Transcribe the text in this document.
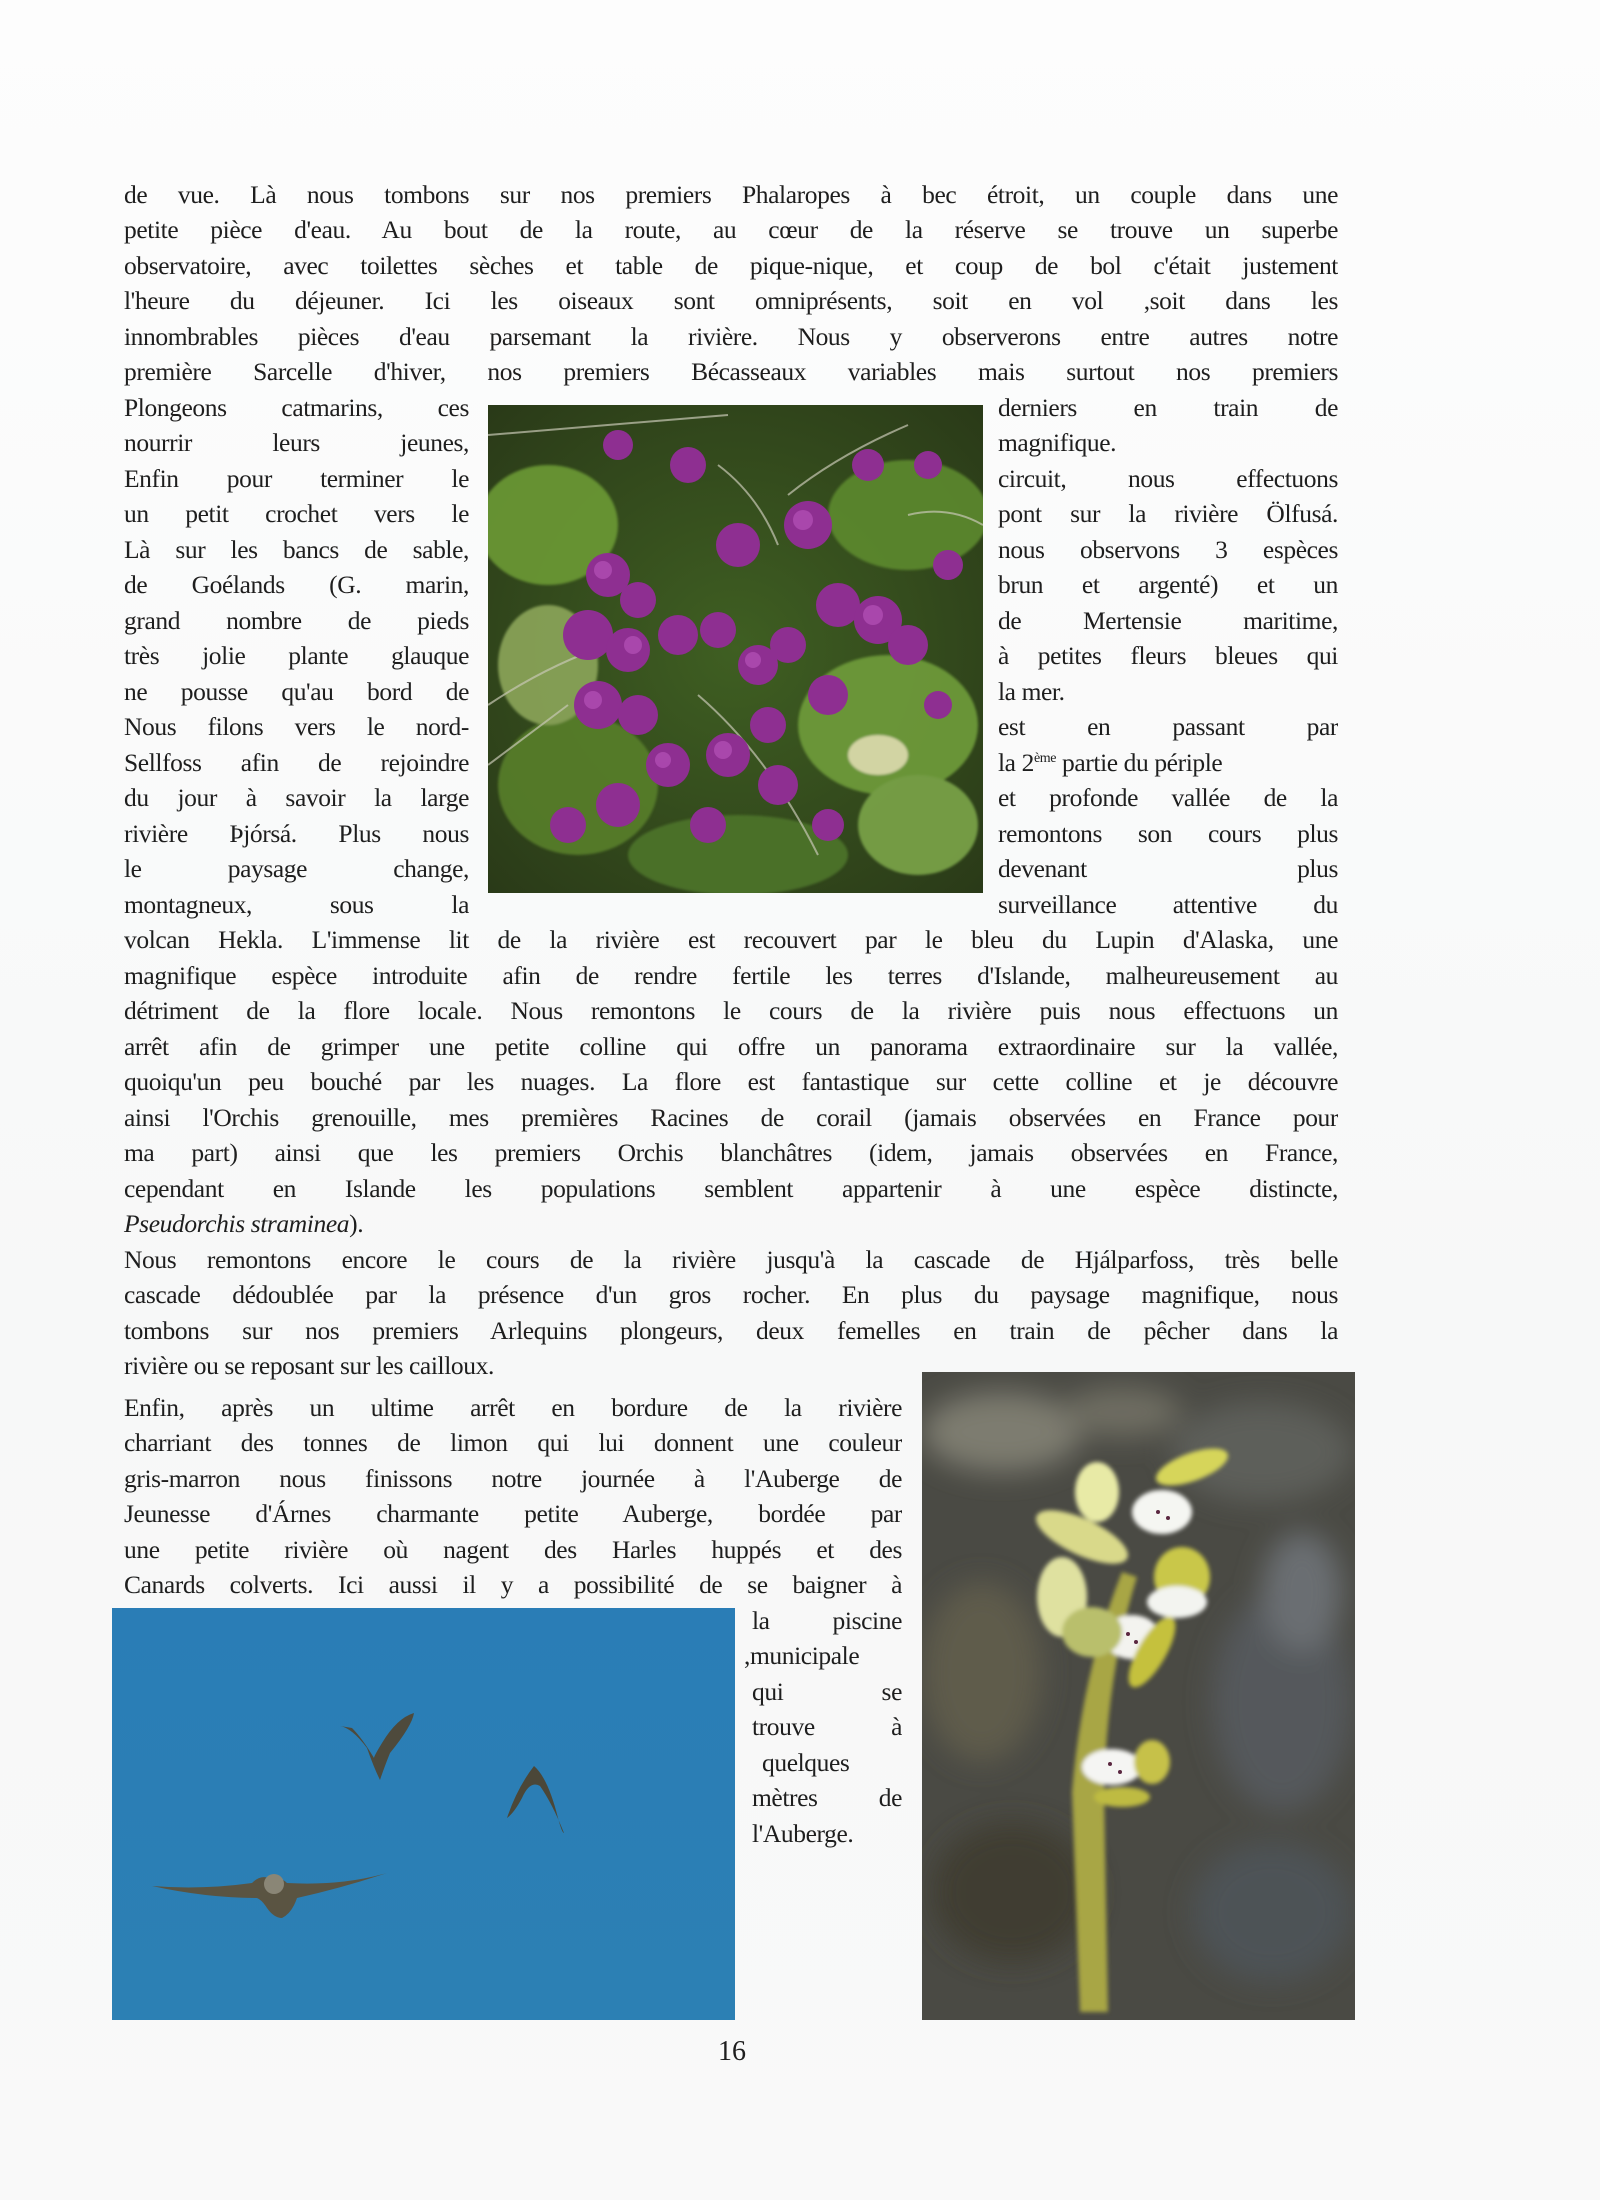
de vue. Là nous tombons sur nos premiers Phalaropes à bec étroit, un couple dans une
petite pièce d'eau. Au bout de la route, au cœur de la réserve se trouve un superbe
observatoire, avec toilettes sèches et table de pique-nique, et coup de bol c'était justement
l'heure du déjeuner. Ici les oiseaux sont omniprésents, soit en vol ,soit dans les
innombrables pièces d'eau parsemant la rivière. Nous y observerons entre autres notre
première Sarcelle d'hiver, nos premiers Bécasseaux variables mais surtout nos premiers
Plongeons catmarins, ces
nourrir leurs jeunes,
Enfin pour terminer le
un petit crochet vers le
Là sur les bancs de sable,
de Goélands (G. marin,
grand nombre de pieds
très jolie plante glauque
ne pousse qu'au bord de
Nous filons vers le nord-
Sellfoss afin de rejoindre
du jour à savoir la large
rivière Þjórsá. Plus nous
le paysage change,
montagneux, sous la
derniers en train de
magnifique.
circuit, nous effectuons
pont sur la rivière Ölfusá.
nous observons 3 espèces
brun et argenté) et un
de Mertensie maritime,
à petites fleurs bleues qui
la mer.
est en passant par
la 2ème partie du périple
et profonde vallée de la
remontons son cours plus
devenant plus
surveillance attentive du
volcan Hekla. L'immense lit de la rivière est recouvert par le bleu du Lupin d'Alaska, une
magnifique espèce introduite afin de rendre fertile les terres d'Islande, malheureusement au
détriment de la flore locale. Nous remontons le cours de la rivière puis nous effectuons un
arrêt afin de grimper une petite colline qui offre un panorama extraordinaire sur la vallée,
quoiqu'un peu bouché par les nuages. La flore est fantastique sur cette colline et je découvre
ainsi l'Orchis grenouille, mes premières Racines de corail (jamais observées en France pour
ma part) ainsi que les premiers Orchis blanchâtres (idem, jamais observées en France,
cependant en Islande les populations semblent appartenir à une espèce distincte,
Pseudorchis straminea).
Nous remontons encore le cours de la rivière jusqu'à la cascade de Hjálparfoss, très belle
cascade dédoublée par la présence d'un gros rocher. En plus du paysage magnifique, nous
tombons sur nos premiers Arlequins plongeurs, deux femelles en train de pêcher dans la
rivière ou se reposant sur les cailloux.
Enfin, après un ultime arrêt en bordure de la rivière
charriant des tonnes de limon qui lui donnent une couleur
gris-marron nous finissons notre journée à l'Auberge de
Jeunesse d'Árnes charmante petite Auberge, bordée par
une petite rivière où nagent des Harles huppés et des
Canards colverts. Ici aussi il y a possibilité de se baigner à
la piscine
,municipale
qui se
trouve à
quelques
mètres de
l'Auberge.
16
